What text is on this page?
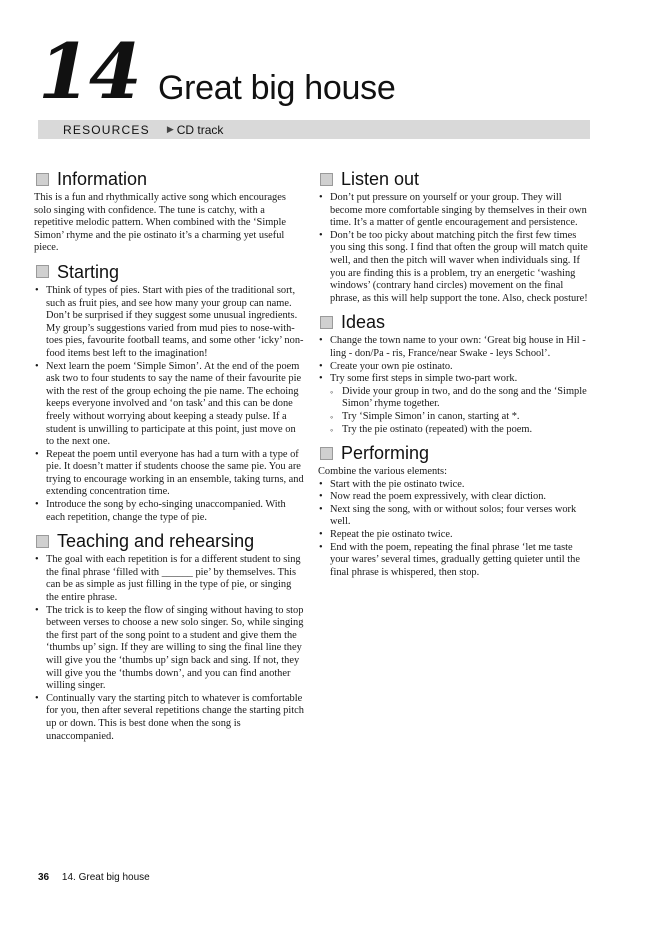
14 Great big house
RESOURCES ▶ CD track
Information

This is a fun and rhythmically active song which encourages solo singing with confidence. The tune is catchy, with a repetitive melodic pattern. When combined with the ‘Simple Simon’ rhyme and the pie ostinato it’s a charming yet useful piece.

Starting
• Think of types of pies. Start with pies of the traditional sort, such as fruit pies, and see how many your group can name. Don’t be surprised if they suggest some unusual ingredients. My group’s suggestions varied from mud pies to nose-with-toes pies, favourite football teams, and some other ‘icky’ non-food items best left to the imagination!
• Next learn the poem ‘Simple Simon’. At the end of the poem ask two to four students to say the name of their favourite pie with the rest of the group echoing the pie name. The echoing keeps everyone involved and ‘on task’ and this can be done freely without worrying about keeping a steady pulse. If a student is unwilling to participate at this point, just move on to the next one.
• Repeat the poem until everyone has had a turn with a type of pie. It doesn’t matter if students choose the same pie. You are trying to encourage working in an ensemble, taking turns, and extending concentration time.
• Introduce the song by echo-singing unaccompanied. With each repetition, change the type of pie.
Teaching and rehearsing
• The goal with each repetition is for a different student to sing the final phrase ‘filled with ______ pie’ by themselves. This can be as simple as just filling in the type of pie, or singing the entire phrase.
• The trick is to keep the flow of singing without having to stop between verses to choose a new solo singer. So, while singing the first part of the song point to a student and give them the ‘thumbs up’ sign. If they are willing to sing the final line they will give you the ‘thumbs up’ sign back and sing. If not, they will give you the ‘thumbs down’, and you can find another willing singer.
• Continually vary the starting pitch to whatever is comfortable for you, then after several repetitions change the starting pitch up or down. This is best done when the song is unaccompanied.
Listen out
• Don’t put pressure on yourself or your group. They will become more comfortable singing by themselves in their own time. It’s a matter of gentle encouragement and persistence.
• Don’t be too picky about matching pitch the first few times you sing this song. I find that often the group will match quite well, and then the pitch will waver when individuals sing. If you are finding this is a problem, try an energetic ‘washing windows’ (contrary hand circles) movement on the final phrase, as this will help support the tone. Also, check posture!
Ideas
• Change the town name to your own: ‘Great big house in Hil - ling - don/Pa - ris, France/near Swake - leys School’.
• Create your own pie ostinato.
• Try some first steps in simple two-part work.
◦ Divide your group in two, and do the song and the ‘Simple Simon’ rhyme together.
◦ Try ‘Simple Simon’ in canon, starting at *.
◦ Try the pie ostinato (repeated) with the poem.
Performing

Combine the various elements:

• Start with the pie ostinato twice.
• Now read the poem expressively, with clear diction.
• Next sing the song, with or without solos; four verses work well.
• Repeat the pie ostinato twice.
• End with the poem, repeating the final phrase ‘let me taste your wares’ several times, gradually getting quieter until the final phrase is whispered, then stop.
36 14. Great big house
